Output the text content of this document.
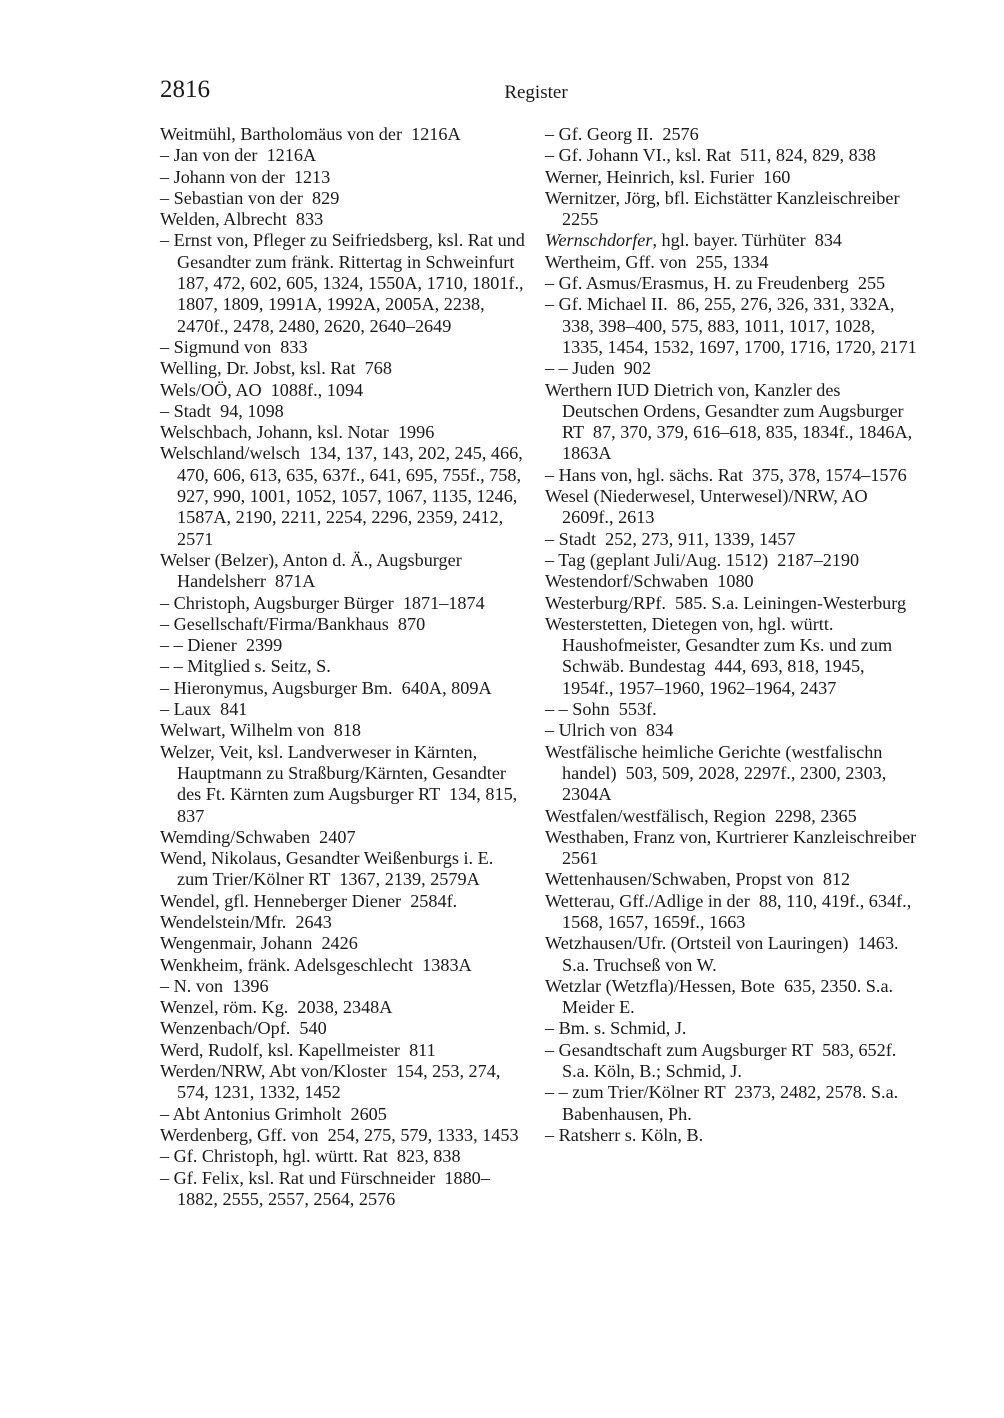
2816	Register
Weitmühl, Bartholomäus von der  1216A
– Jan von der  1216A
– Johann von der  1213
– Sebastian von der  829
Welden, Albrecht  833
– Ernst von, Pfleger zu Seifriedsberg, ksl. Rat und Gesandter zum fränk. Rittertag in Schweinfurt  187, 472, 602, 605, 1324, 1550A, 1710, 1801f., 1807, 1809, 1991A, 1992A, 2005A, 2238, 2470f., 2478, 2480, 2620, 2640–2649
– Sigmund von  833
Welling, Dr. Jobst, ksl. Rat  768
Wels/OÖ, AO  1088f., 1094
– Stadt  94, 1098
Welschbach, Johann, ksl. Notar  1996
Welschland/welsch  134, 137, 143, 202, 245, 466, 470, 606, 613, 635, 637f., 641, 695, 755f., 758, 927, 990, 1001, 1052, 1057, 1067, 1135, 1246, 1587A, 2190, 2211, 2254, 2296, 2359, 2412, 2571
Welser (Belzer), Anton d. Ä., Augsburger Handelsherr  871A
– Christoph, Augsburger Bürger  1871–1874
– Gesellschaft/Firma/Bankhaus  870
– – Diener  2399
– – Mitglied s. Seitz, S.
– Hieronymus, Augsburger Bm.  640A, 809A
– Laux  841
Welwart, Wilhelm von  818
Welzer, Veit, ksl. Landverweser in Kärnten, Hauptmann zu Straßburg/Kärnten, Gesandter des Ft. Kärnten zum Augsburger RT  134, 815, 837
Wemding/Schwaben  2407
Wend, Nikolaus, Gesandter Weißenburgs i. E. zum Trier/Kölner RT  1367, 2139, 2579A
Wendel, gfl. Henneberger Diener  2584f.
Wendelstein/Mfr.  2643
Wengenmair, Johann  2426
Wenkheim, fränk. Adelsgeschlecht  1383A
– N. von  1396
Wenzel, röm. Kg.  2038, 2348A
Wenzenbach/Opf.  540
Werd, Rudolf, ksl. Kapellmeister  811
Werden/NRW, Abt von/Kloster  154, 253, 274, 574, 1231, 1332, 1452
– Abt Antonius Grimholt  2605
Werdenberg, Gff. von  254, 275, 579, 1333, 1453
– Gf. Christoph, hgl. württ. Rat  823, 838
– Gf. Felix, ksl. Rat und Fürschneider  1880–1882, 2555, 2557, 2564, 2576
– Gf. Georg II.  2576
– Gf. Johann VI., ksl. Rat  511, 824, 829, 838
Werner, Heinrich, ksl. Furier  160
Wernitzer, Jörg, bfl. Eichstätter Kanzleischreiber  2255
Wernschdorfer, hgl. bayer. Türhüter  834
Wertheim, Gff. von  255, 1334
– Gf. Asmus/Erasmus, H. zu Freudenberg  255
– Gf. Michael II.  86, 255, 276, 326, 331, 332A, 338, 398–400, 575, 883, 1011, 1017, 1028, 1335, 1454, 1532, 1697, 1700, 1716, 1720, 2171
– – Juden  902
Werthern IUD Dietrich von, Kanzler des Deutschen Ordens, Gesandter zum Augsburger RT  87, 370, 379, 616–618, 835, 1834f., 1846A, 1863A
– Hans von, hgl. sächs. Rat  375, 378, 1574–1576
Wesel (Niederwesel, Unterwesel)/NRW, AO  2609f., 2613
– Stadt  252, 273, 911, 1339, 1457
– Tag (geplant Juli/Aug. 1512)  2187–2190
Westendorf/Schwaben  1080
Westerburg/RPf.  585. S.a. Leiningen-Westerburg
Westerstetten, Dietegen von, hgl. württ. Haushofmeister, Gesandter zum Ks. und zum Schwäb. Bundestag  444, 693, 818, 1945, 1954f., 1957–1960, 1962–1964, 2437
– – Sohn  553f.
– Ulrich von  834
Westfälische heimliche Gerichte (westfalischn handel)  503, 509, 2028, 2297f., 2300, 2303, 2304A
Westfalen/westfälisch, Region  2298, 2365
Westhaben, Franz von, Kurtrierer Kanzleischreiber  2561
Wettenhausen/Schwaben, Propst von  812
Wetterau, Gff./Adlige in der  88, 110, 419f., 634f., 1568, 1657, 1659f., 1663
Wetzhausen/Ufr. (Ortsteil von Lauringen)  1463. S.a. Truchseß von W.
Wetzlar (Wetzfla)/Hessen, Bote  635, 2350. S.a. Meider E.
– Bm. s. Schmid, J.
– Gesandtschaft zum Augsburger RT  583, 652f. S.a. Köln, B.; Schmid, J.
– – zum Trier/Kölner RT  2373, 2482, 2578. S.a. Babenhausen, Ph.
– Ratsherr s. Köln, B.
